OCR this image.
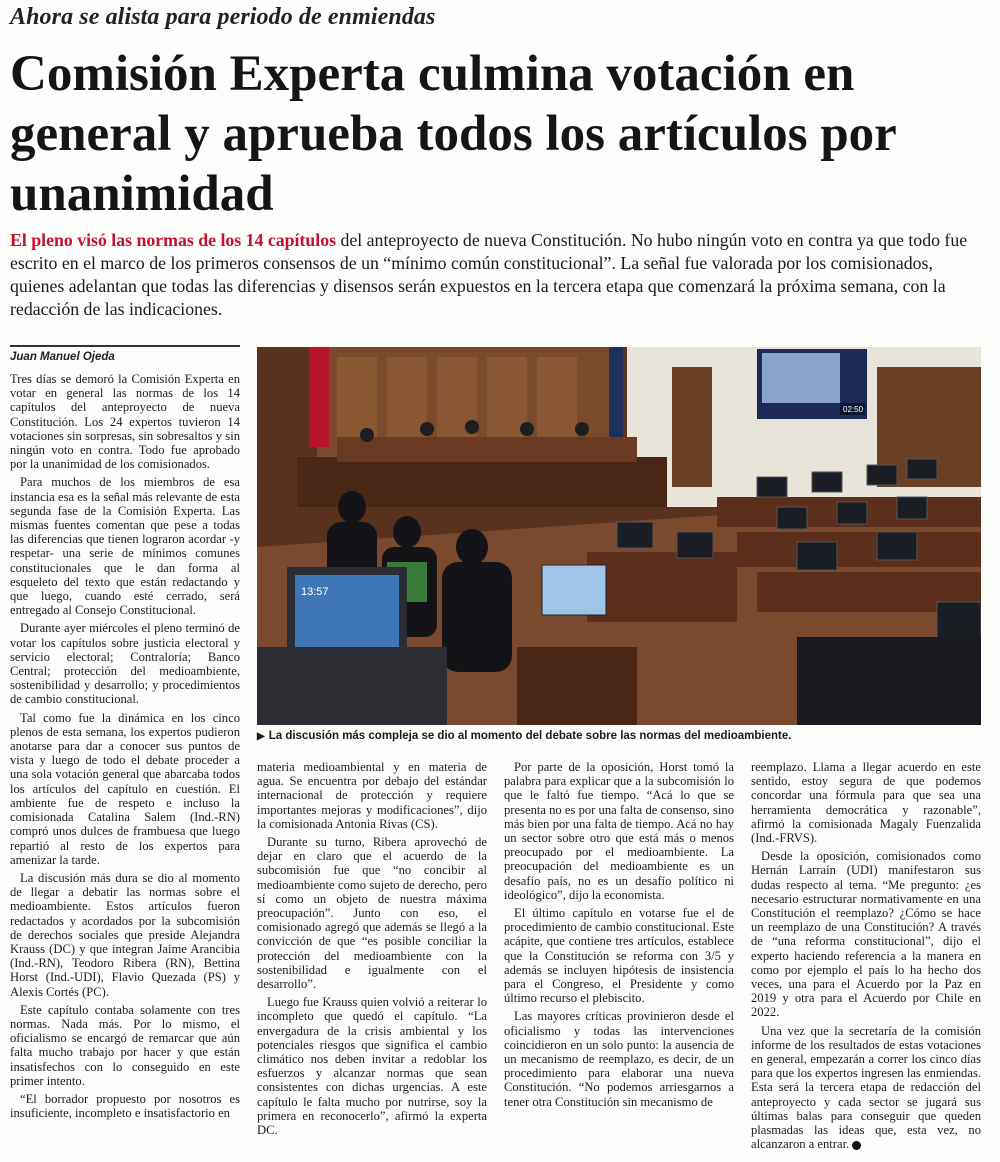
Ahora se alista para periodo de enmiendas
Comisión Experta culmina votación en general y aprueba todos los artículos por unanimidad
El pleno visó las normas de los 14 capítulos del anteproyecto de nueva Constitución. No hubo ningún voto en contra ya que todo fue escrito en el marco de los primeros consensos de un “mínimo común constitucional”. La señal fue valorada por los comisionados, quienes adelantan que todas las diferencias y disensos serán expuestos en la tercera etapa que comenzará la próxima semana, con la redacción de las indicaciones.
Juan Manuel Ojeda

Tres días se demoró la Comisión Experta en votar en general las normas de los 14 capítulos del anteproyecto de nueva Constitución. Los 24 expertos tuvieron 14 votaciones sin sorpresas, sin sobresaltos y sin ningún voto en contra. Todo fue aprobado por la unanimidad de los comisionados.

Para muchos de los miembros de esa instancia esa es la señal más relevante de esta segunda fase de la Comisión Experta. Las mismas fuentes comentan que pese a todas las diferencias que tienen lograron acordar -y respetar- una serie de mínimos comunes constitucionales que le dan forma al esqueleto del texto que están redactando y que luego, cuando esté cerrado, será entregado al Consejo Constitucional.

Durante ayer miércoles el pleno terminó de votar los capítulos sobre justicia electoral y servicio electoral; Contraloría; Banco Central; protección del medioambiente, sostenibilidad y desarrollo; y procedimientos de cambio constitucional.

Tal como fue la dinámica en los cinco plenos de esta semana, los expertos pudieron anotarse para dar a conocer sus puntos de vista y luego de todo el debate proceder a una sola votación general que abarcaba todos los artículos del capítulo en cuestión. El ambiente fue de respeto e incluso la comisionada Catalina Salem (Ind.-RN) compró unos dulces de frambuesa que luego repartió al resto de los expertos para amenizar la tarde.

La discusión más dura se dio al momento de llegar a debatir las normas sobre el medioambiente. Estos artículos fueron redactados y acordados por la subcomisión de derechos sociales que preside Alejandra Krauss (DC) y que integran Jaime Arancibia (Ind.-RN), Teodoro Ribera (RN), Bettina Horst (Ind.-UDI), Flavio Quezada (PS) y Alexis Cortés (PC).

Este capítulo contaba solamente con tres normas. Nada más. Por lo mismo, el oficialismo se encargó de remarcar que aún falta mucho trabajo por hacer y que están insatisfechos con lo conseguido en este primer intento.

“El borrador propuesto por nosotros es insuficiente, incompleto e insatisfactorio en

02:50
13:57
▶ La discusión más compleja se dio al momento del debate sobre las normas del medioambiente.

materia medioambiental y en materia de agua. Se encuentra por debajo del estándar internacional de protección y requiere importantes mejoras y modificaciones”, dijo la comisionada Antonia Rivas (CS).

Durante su turno, Ribera aprovechó de dejar en claro que el acuerdo de la subcomisión fue que “no concibir al medioambiente como sujeto de derecho, pero sí como un objeto de nuestra máxima preocupación”. Junto con eso, el comisionado agregó que además se llegó a la convicción de que “es posible conciliar la protección del medioambiente con la sostenibilidad e igualmente con el desarrollo”.

Luego fue Krauss quien volvió a reiterar lo incompleto que quedó el capítulo. “La envergadura de la crisis ambiental y los potenciales riesgos que significa el cambio climático nos deben invitar a redoblar los esfuerzos y alcanzar normas que sean consistentes con dichas urgencias. A este capítulo le falta mucho por nutrirse, soy la primera en reconocerlo”, afirmó la experta DC.

Por parte de la oposición, Horst tomó la palabra para explicar que a la subcomisión lo que le faltó fue tiempo. “Acá lo que se presenta no es por una falta de consenso, sino más bien por una falta de tiempo. Acá no hay un sector sobre otro que está más o menos preocupado por el medioambiente. La preocupación del medioambiente es un desafío país, no es un desafío político ni ideológico”, dijo la economista.

El último capítulo en votarse fue el de procedimiento de cambio constitucional. Este acápite, que contiene tres artículos, establece que la Constitución se reforma con 3/5 y además se incluyen hipótesis de insistencia para el Congreso, el Presidente y como último recurso el plebiscito.

Las mayores críticas provinieron desde el oficialismo y todas las intervenciones coincidieron en un solo punto: la ausencia de un mecanismo de reemplazo, es decir, de un procedimiento para elaborar una nueva Constitución. “No podemos arriesgarnos a tener otra Constitución sin mecanismo de

reemplazo. Llama a llegar acuerdo en este sentido, estoy segura de que podemos concordar una fórmula para que sea una herramienta democrática y razonable”, afirmó la comisionada Magaly Fuenzalida (Ind.-FRVS).

Desde la oposición, comisionados como Hernán Larraín (UDI) manifestaron sus dudas respecto al tema. “Me pregunto: ¿es necesario estructurar normativamente en una Constitución el reemplazo? ¿Cómo se hace un reemplazo de una Constitución? A través de “una reforma constitucional”, dijo el experto haciendo referencia a la manera en como por ejemplo el país lo ha hecho dos veces, una para el Acuerdo por la Paz en 2019 y otra para el Acuerdo por Chile en 2022.

Una vez que la secretaría de la comisión informe de los resultados de estas votaciones en general, empezarán a correr los cinco días para que los expertos ingresen las enmiendas. Esta será la tercera etapa de redacción del anteproyecto y cada sector se jugará sus últimas balas para conseguir que queden plasmadas las ideas que, esta vez, no alcanzaron a entrar.
